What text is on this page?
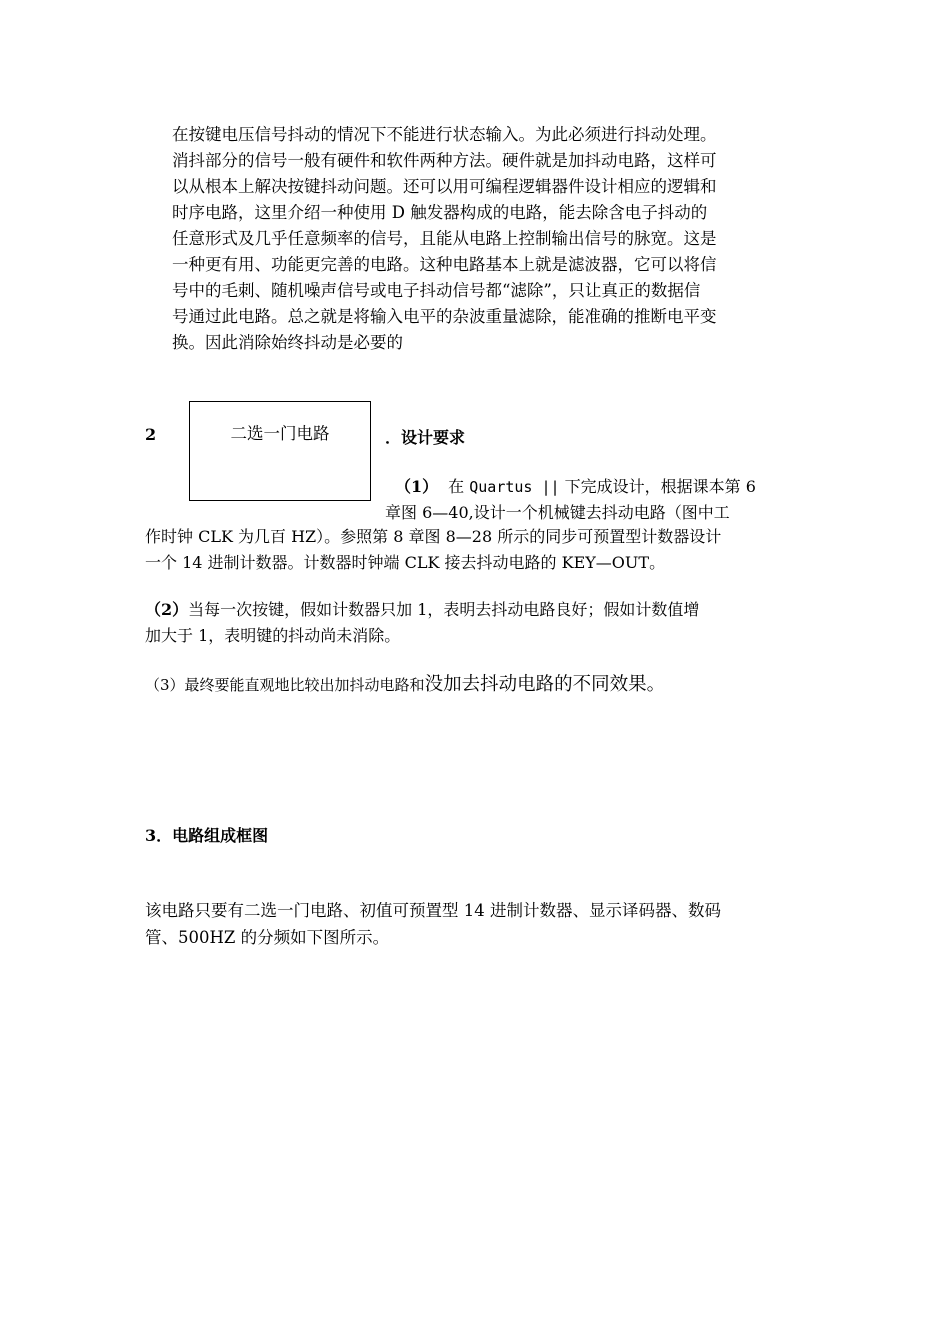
在按键电压信号抖动的情况下不能进行状态输入。为此必须进行抖动处理。
消抖部分的信号一般有硬件和软件两种方法。硬件就是加抖动电路，这样可
以从根本上解决按键抖动问题。还可以用可编程逻辑器件设计相应的逻辑和
时序电路，这里介绍一种使用 D 触发器构成的电路，能去除含电子抖动的
任意形式及几乎任意频率的信号，且能从电路上控制输出信号的脉宽。这是
一种更有用、功能更完善的电路。这种电路基本上就是滤波器，它可以将信
号中的毛刺、随机噪声信号或电子抖动信号都“滤除”，只让真正的数据信
号通过此电路。总之就是将输入电平的杂波重量滤除，能准确的推断电平变
换。因此消除始终抖动是必要的

2	二选一门电路	．设计要求
（1） 在 Quartus || 下完成设计，根据课本第 6
章图 6—40,设计一个机械键去抖动电路（图中工
作时钟 CLK 为几百 HZ）。参照第 8 章图 8—28 所示的同步可预置型计数器设计
一个 14 进制计数器。计数器时钟端 CLK 接去抖动电路的 KEY—OUT。
（2）当每一次按键，假如计数器只加 1，表明去抖动电路良好；假如计数值增
加大于 1，表明键的抖动尚未消除。
（3）最终要能直观地比较出加抖动电路和没加去抖动电路的不同效果。
3．电路组成框图
该电路只要有二选一门电路、初值可预置型 14 进制计数器、显示译码器、数码
管、500HZ 的分频如下图所示。
